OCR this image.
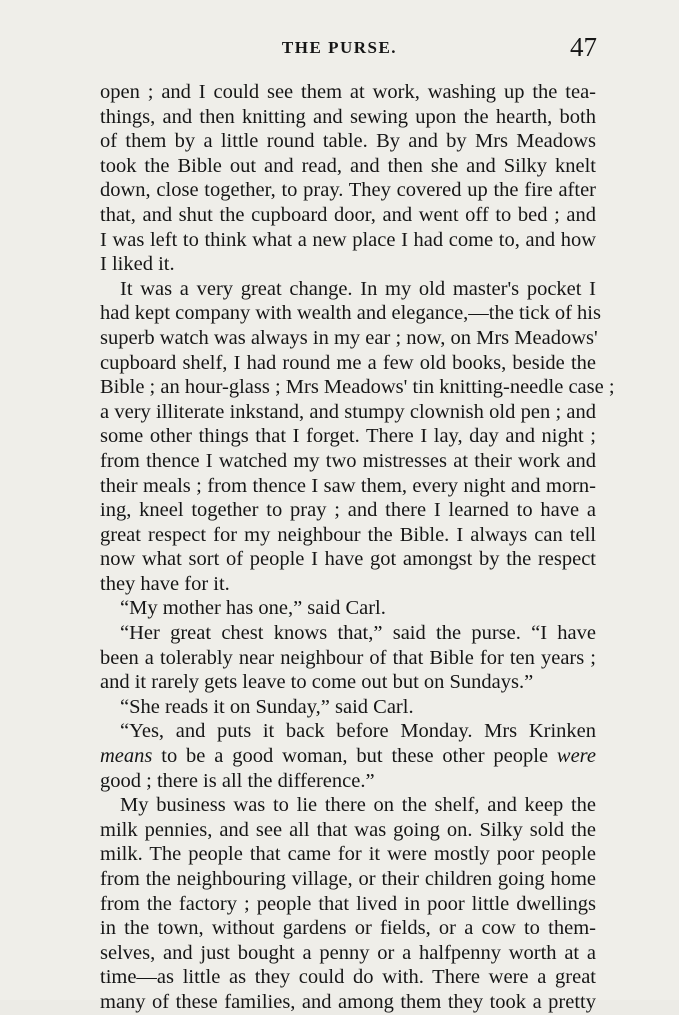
THE PURSE.	47

open ; and I could see them at work, washing up the tea-
things, and then knitting and sewing upon the hearth, both
of them by a little round table. By and by Mrs Meadows
took the Bible out and read, and then she and Silky knelt
down, close together, to pray. They covered up the fire after
that, and shut the cupboard door, and went off to bed ; and
I was left to think what a new place I had come to, and how
I liked it.

It was a very great change. In my old master's pocket I
had kept company with wealth and elegance,—the tick of his
superb watch was always in my ear ; now, on Mrs Meadows'
cupboard shelf, I had round me a few old books, beside the
Bible ; an hour-glass ; Mrs Meadows' tin knitting-needle case ;
a very illiterate inkstand, and stumpy clownish old pen ; and
some other things that I forget. There I lay, day and night ;
from thence I watched my two mistresses at their work and
their meals ; from thence I saw them, every night and morn-
ing, kneel together to pray ; and there I learned to have a
great respect for my neighbour the Bible. I always can tell
now what sort of people I have got amongst by the respect
they have for it.

“My mother has one,” said Carl.

“Her great chest knows that,” said the purse. “I have
been a tolerably near neighbour of that Bible for ten years ;
and it rarely gets leave to come out but on Sundays.”

“She reads it on Sunday,” said Carl.

“Yes, and puts it back before Monday. Mrs Krinken
means to be a good woman, but these other people were
good ; there is all the difference.”

My business was to lie there on the shelf, and keep the
milk pennies, and see all that was going on. Silky sold the
milk. The people that came for it were mostly poor people
from the neighbouring village, or their children going home
from the factory ; people that lived in poor little dwellings
in the town, without gardens or fields, or a cow to them-
selves, and just bought a penny or a halfpenny worth at a
time—as little as they could do with. There were a great
many of these families, and among them they took a pretty
